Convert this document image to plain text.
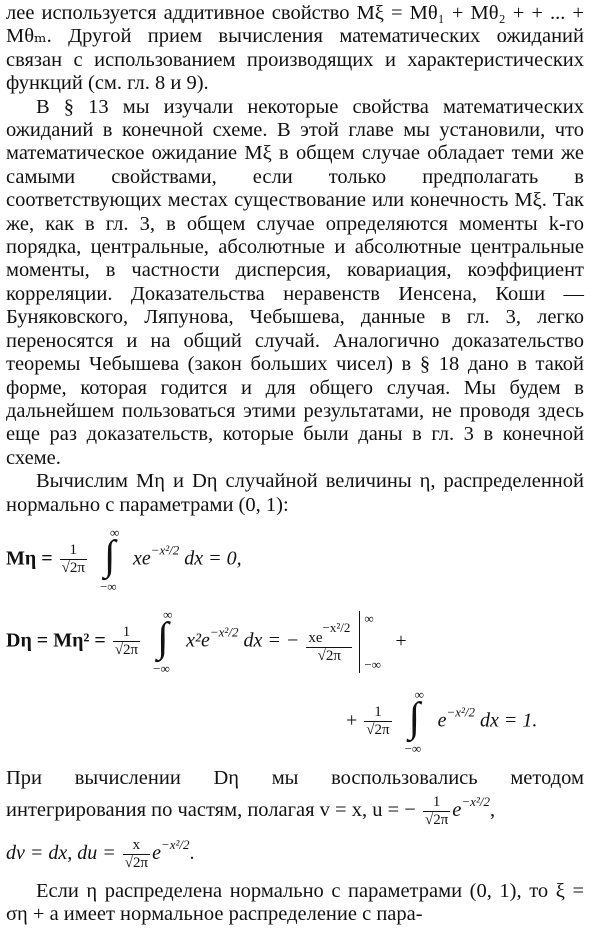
лее используется аддитивное свойство Mξ = Mθ₁ + Mθ₂ + + ... + Mθₘ. Другой прием вычисления математических ожиданий связан с использованием производящих и характеристических функций (см. гл. 8 и 9).

В § 13 мы изучали некоторые свойства математических ожиданий в конечной схеме. В этой главе мы установили, что математическое ожидание Mξ в общем случае обладает теми же самыми свойствами, если только предполагать в соответствующих местах существование или конечность Mξ. Так же, как в гл. 3, в общем случае определяются моменты k-го порядка, центральные, абсолютные и абсолютные центральные моменты, в частности дисперсия, ковариация, коэффициент корреляции. Доказательства неравенств Иенсена, Коши — Буняковского, Ляпунова, Чебышева, данные в гл. 3, легко переносятся и на общий случай. Аналогично доказательство теоремы Чебышева (закон больших чисел) в § 18 дано в такой форме, которая годится и для общего случая. Мы будем в дальнейшем пользоваться этими результатами, не проводя здесь еще раз доказательств, которые были даны в гл. 3 в конечной схеме.

Вычислим Mη и Dη случайной величины η, распределенной нормально с параметрами (0, 1):

$M\eta = \frac{1}{√2\pi}$

∞
∫
−∞
$xe^{-x^2/2}$ dx = 0,
$D\eta = M\eta^2 = \frac{1}{√2\pi}$

∞
∫
−∞
$x^2e^{-x^2/2}$ dx = − $\frac{\text{xe−x²/2}}{√2\pi}$

∞
−∞
+
+ $\frac{1}{√2\pi}$

∞
∫
−∞
$e^{-x^2/2}$ dx = 1.

При вычислении Dη мы воспользовались методом интегрирования по частям, полагая v = x, u = − $\frac{1}{√2\pi} e^{-x^2/2}$,

dv = dx, du = $\frac{x}{√2\pi} e^{-x^2/2}$.

Если η распределена нормально с параметрами (0, 1), то ξ = ση + a имеет нормальное распределение с пара-
